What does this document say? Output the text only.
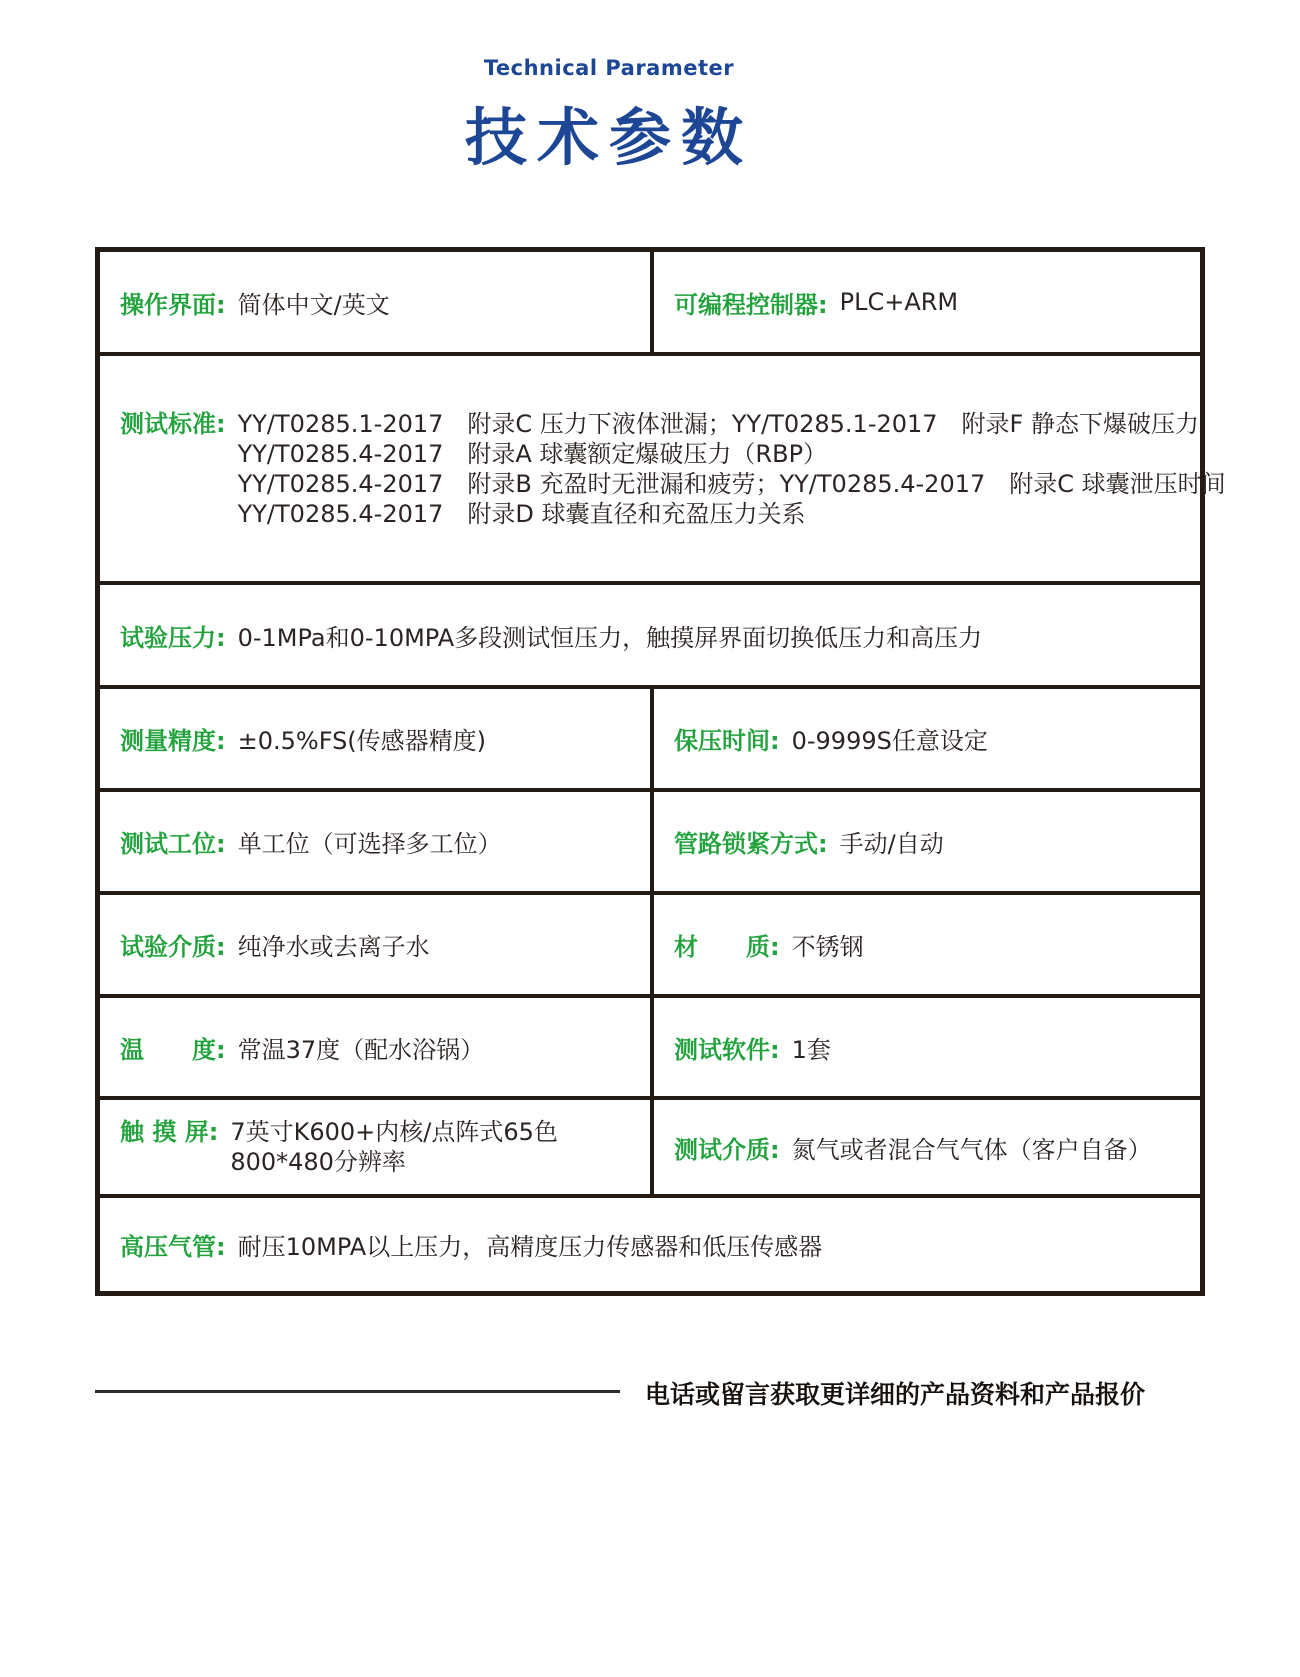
Technical Parameter
技术参数
操作界面: 简体中文/英文	可编程控制器: PLC+ARM
测试标准: YY/T0285.1-2017　附录C 压力下液体泄漏；YY/T0285.1-2017　附录F 静态下爆破压力
YY/T0285.4-2017　附录A 球囊额定爆破压力（RBP）
YY/T0285.4-2017　附录B 充盈时无泄漏和疲劳；YY/T0285.4-2017　附录C 球囊泄压时间
YY/T0285.4-2017　附录D 球囊直径和充盈压力关系
试验压力: 0-1MPa和0-10MPA多段测试恒压力，触摸屏界面切换低压力和高压力
测量精度: ±0.5%FS(传感器精度)	保压时间: 0-9999S任意设定
测试工位: 单工位（可选择多工位）	管路锁紧方式: 手动/自动
试验介质: 纯净水或去离子水	材　　质: 不锈钢
温　　度: 常温37度（配水浴锅）	测试软件: 1套
触 摸 屏: 7英寸K600+内核/点阵式65色
800*480分辨率	测试介质: 氮气或者混合气气体（客户自备）
高压气管: 耐压10MPA以上压力，高精度压力传感器和低压传感器
电话或留言获取更详细的产品资料和产品报价
